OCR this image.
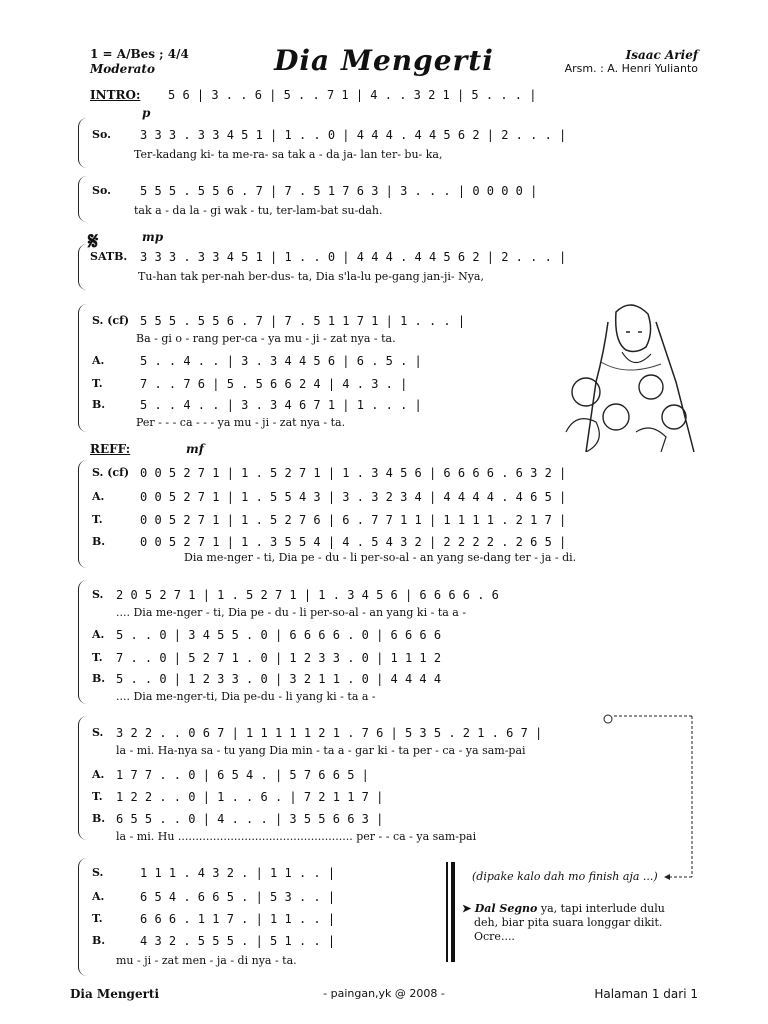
1 = A/Bes ; 4/4
Moderato	Dia Mengerti	Isaac Arief
Arsm. : A. Henri Yulianto
INTRO: 5 6 | 3 . . 6 | 5 . . 7 1 | 4 . . 3 2 1 | 5 . . . |
p
So. 3 3 3 . 3 3 4 5 1 | 1 . . 0 | 4 4 4 . 4 4 5 6 2 | 2 . . . |
Ter-kadang ki- ta me-ra- sa tak a - da ja- lan ter- bu- ka,
So. 5 5 5 . 5 5 6 . 7 | 7 . 5 1 7 6 3 | 3 . . . | 0 0 0 0 |
tak a - da la - gi wak - tu, ter-lam-bat su-dah.
𝄋	mp
SATB. 3 3 3 . 3 3 4 5 1 | 1 . . 0 | 4 4 4 . 4 4 5 6 2 | 2 . . . |
Tu-han tak per-nah ber-dus- ta, Dia s'la-lu pe-gang jan-ji- Nya,
S. (cf) 5 5 5 . 5 5 6 . 7 | 7 . 5 1 1 7 1 | 1 . . . |
Ba - gi o - rang per-ca - ya mu - ji - zat nya - ta.
A.	5 . . 4 . . | 3 . 3 4 4 5 6 | 6 . 5 . |
T.	7 . . 7 6 | 5 . 5 6 6 2 4 | 4 . 3 . |
B.	5 . . 4 . . | 3 . 3 4 6 7 1 | 1 . . . |
Per - - - ca - - - ya mu - ji - zat nya - ta.
REFF:	mf
S. (cf) 0 0 5 2 7 1 | 1 . 5 2 7 1 | 1 . 3 4 5 6 | 6 6 6 6 . 6 3 2 |
A.	0 0 5 2 7 1 | 1 . 5 5 4 3 | 3 . 3 2 3 4 | 4 4 4 4 . 4 6 5 |
T.	0 0 5 2 7 1 | 1 . 5 2 7 6 | 6 . 7 7 1 1 | 1 1 1 1 . 2 1 7 |
B.	0 0 5 2 7 1 | 1 . 3 5 5 4 | 4 . 5 4 3 2 | 2 2 2 2 . 2 6 5 |
Dia me-nger - ti, Dia pe - du - li per-so-al - an yang se-dang ter - ja - di.
S. 2 0 5 2 7 1 | 1 . 5 2 7 1 | 1 . 3 4 5 6 | 6 6 6 6 . 6
.... Dia me-nger - ti, Dia pe - du - li per-so-al - an yang ki - ta a -
A. 5 . . 0 | 3 4 5 5 . 0 | 6 6 6 6 . 0 | 6 6 6 6
T. 7 . . 0 | 5 2 7 1 . 0 | 1 2 3 3 . 0 | 1 1 1 2
B. 5 . . 0 | 1 2 3 3 . 0 | 3 2 1 1 . 0 | 4 4 4 4
.... Dia me-nger-ti, Dia pe-du - li yang ki - ta a -
S. 3 2 2 . . 0 6 7 | 1 1 1 1 1 2 1 . 7 6 | 5 3 5 . 2 1 . 6 7 |
la - mi. Ha-nya sa - tu yang Dia min - ta a - gar ki - ta per - ca - ya sam-pai
A. 1 7 7 . . 0 | 6 5 4 . | 5 7 6 6 5 |
T. 1 2 2 . . 0 | 1 . . 6 . | 7 2 1 1 7 |
B. 6 5 5 . . 0 | 4 . . . | 3 5 5 6 6 3 |
la - mi. Hu .................................................. per - - ca - ya sam-pai
S.	1 1 1 . 4 3 2 . | 1 1 . . |
A.	6 5 4 . 6 6 5 . | 5 3 . . |
T.	6 6 6 . 1 1 7 . | 1 1 . . |
B.	4 3 2 . 5 5 5 . | 5 1 . . |
mu - ji - zat men - ja - di nya - ta.
(dipake kalo dah mo finish aja ...)
➤ Dal Segno ya, tapi interlude dulu
deh, biar pita suara longgar dikit.
Ocre....
Dia Mengerti	- paingan,yk @ 2008 -	Halaman 1 dari 1
